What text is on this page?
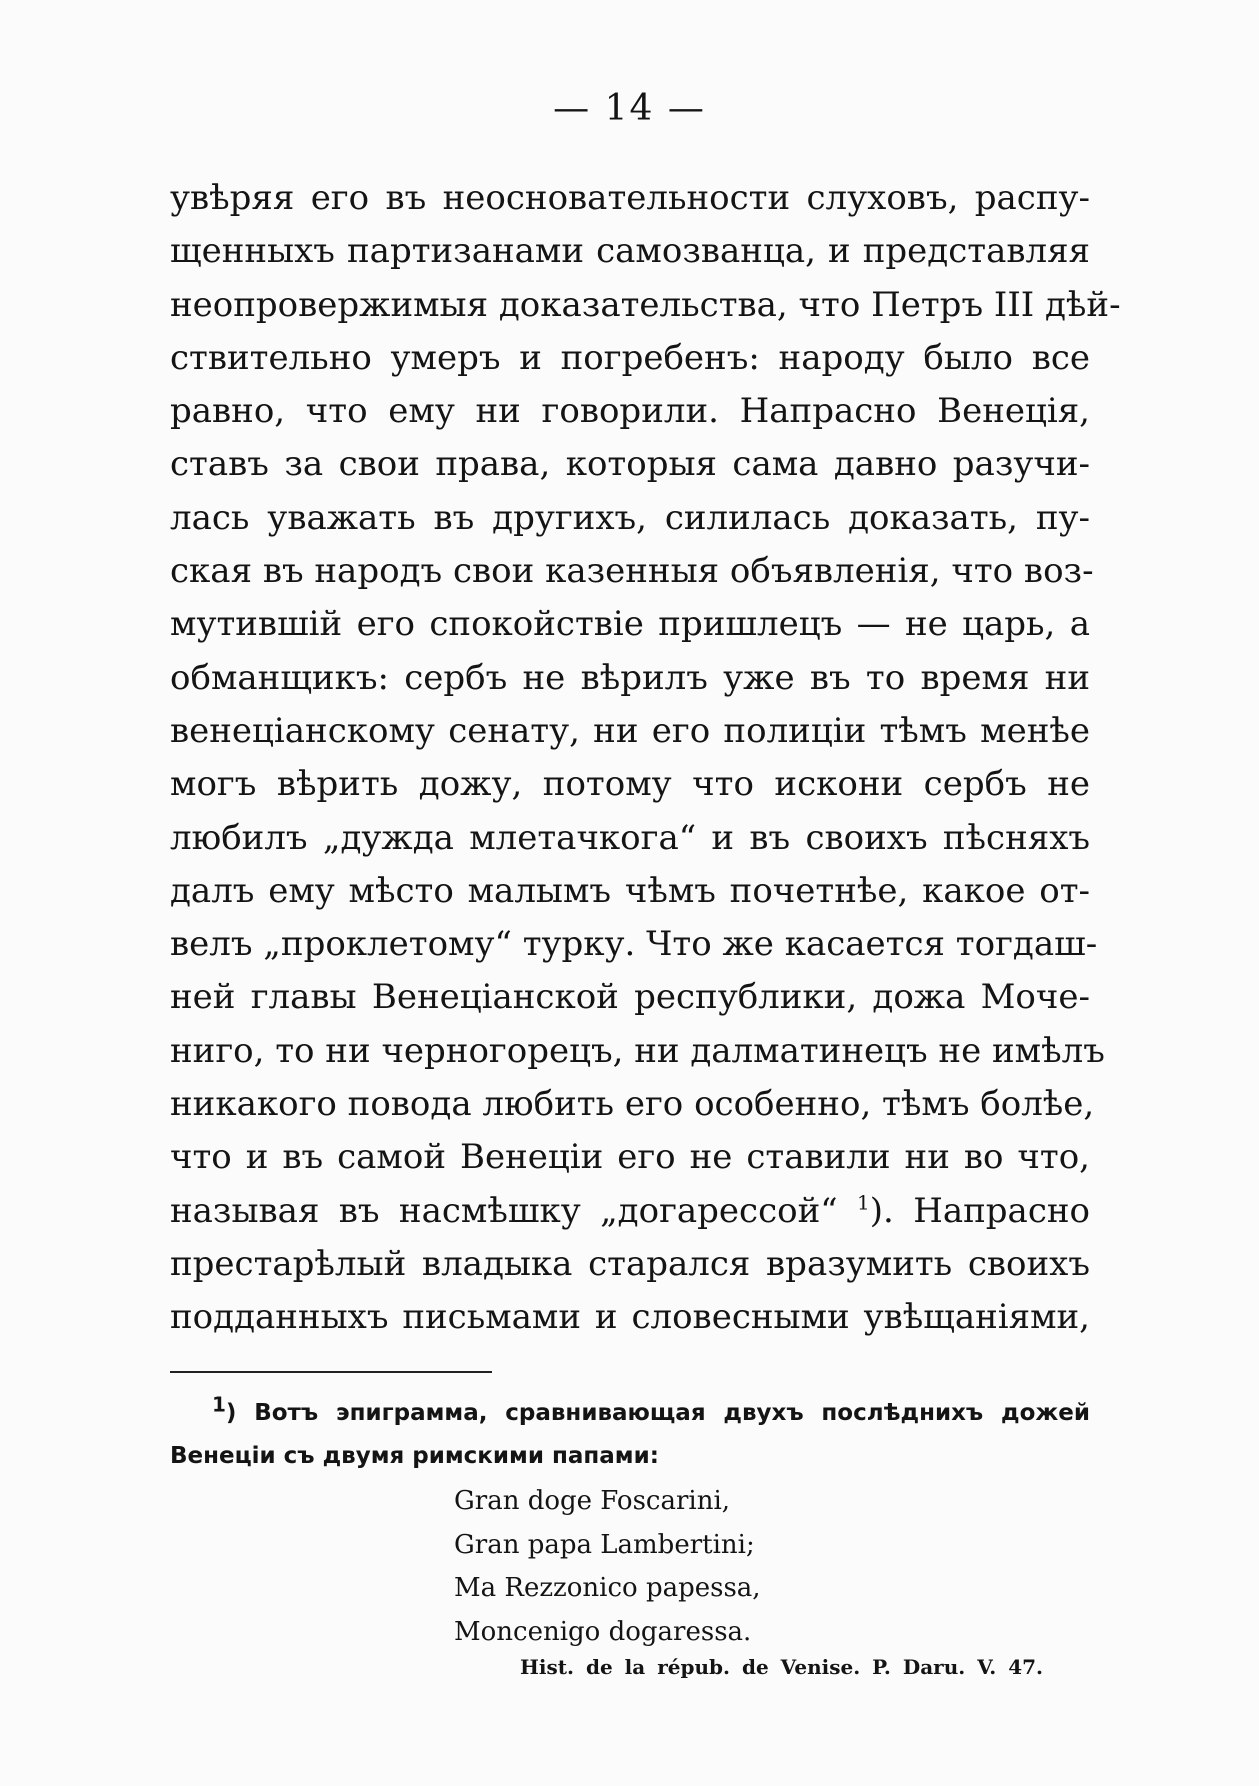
— 14 —
увѣряя его въ неосновательности слуховъ, распу-
щенныхъ партизанами самозванца, и представляя
неопровержимыя доказательства, что Петръ III дѣй-
ствительно умеръ и погребенъ: народу было все
равно, что ему ни говорили. Напрасно Венеція,
ставъ за свои права, которыя сама давно разучи-
лась уважать въ другихъ, силилась доказать, пу-
ская въ народъ свои казенныя объявленія, что воз-
мутившій его спокойствіе пришлецъ — не царь, а
обманщикъ: сербъ не вѣрилъ уже въ то время ни
венеціанскому сенату, ни его полиціи тѣмъ менѣе
могъ вѣрить дожу, потому что искони сербъ не
любилъ „дужда млетачкога“ и въ своихъ пѣсняхъ
далъ ему мѣсто малымъ чѣмъ почетнѣе, какое от-
велъ „проклетому“ турку. Что же касается тогдаш-
ней главы Венеціанской республики, дожа Моче-
ниго, то ни черногорецъ, ни далматинецъ не имѣлъ
никакого повода любить его особенно, тѣмъ болѣе,
что и въ самой Венеціи его не ставили ни во что,
называя въ насмѣшку „догарессой“ $^1$). Напрасно
престарѣлый владыка старался вразумить своихъ
подданныхъ письмами и словесными увѣщаніями,
1) Вотъ эпиграмма, сравнивающая двухъ послѣднихъ дожей
Венеціи съ двумя римскими папами:
Gran doge Foscarini,
Gran papa Lambertini;
Ma Rezzonico papessa,
Moncenigo dogaressa.
Hist. de la répub. de Venise. P. Daru. V. 47.
